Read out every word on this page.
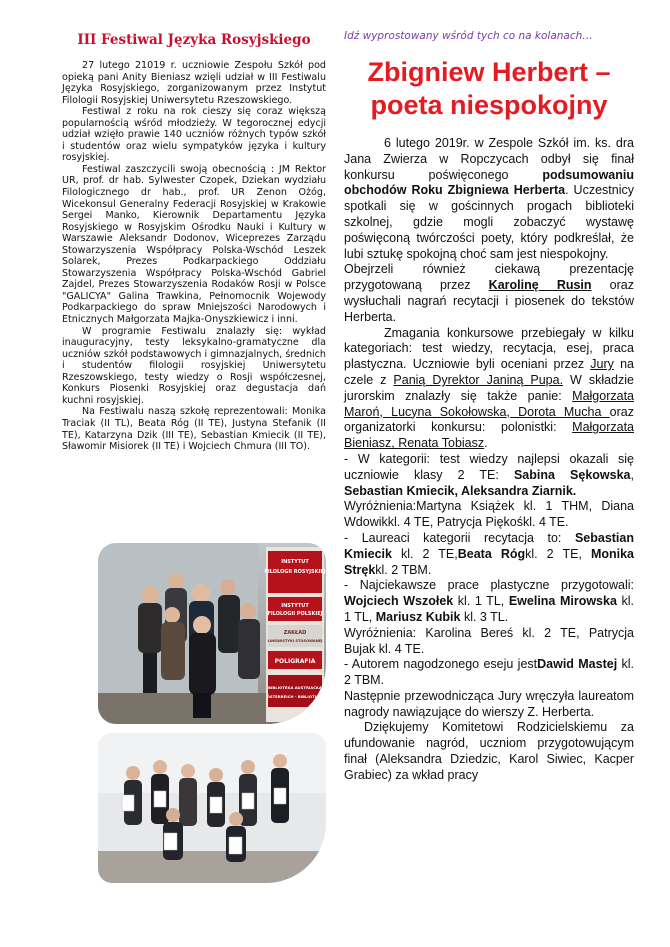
III Festiwal Języka Rosyjskiego

27 lutego 21019 r. uczniowie Zespołu Szkół pod opieką pani Anity Bieniasz wzięli udział w III Festiwalu Języka Rosyjskiego, zorganizowanym przez Instytut Filologii Rosyjskiej Uniwersytetu Rzeszowskiego.

Festiwal z roku na rok cieszy się coraz większą popularnością wśród młodzieży. W tegorocznej edycji udział wzięło prawie 140 uczniów różnych typów szkół i studentów oraz wielu sympatyków języka i kultury rosyjskiej.

Festiwal zaszczycili swoją obecnością : JM Rektor UR, prof. dr hab. Sylwester Czopek, Dziekan wydziału Filologicznego dr hab., prof. UR Zenon Ożóg, Wicekonsul Generalny Federacji Rosyjskiej w Krakowie Sergei Manko, Kierownik Departamentu Języka Rosyjskiego w Rosyjskim Ośrodku Nauki i Kultury w Warszawie Aleksandr Dodonov, Wiceprezes Zarządu Stowarzyszenia Współpracy Polska-Wschód Leszek Solarek, Prezes Podkarpackiego Oddziału Stowarzyszenia Współpracy Polska-Wschód Gabriel Zajdel, Prezes Stowarzyszenia Rodaków Rosji w Polsce "GALICYA" Galina Trawkina, Pełnomocnik Wojewody Podkarpackiego do spraw Mniejszości Narodowych i Etnicznych Małgorzata Majka-Onyszkiewicz i inni.

W programie Festiwalu znalazły się: wykład inauguracyjny, testy leksykalno-gramatyczne dla uczniów szkół podstawowych i gimnazjalnych, średnich i studentów filologii rosyjskiej Uniwersytetu Rzeszowskiego, testy wiedzy o Rosji współczesnej, Konkurs Piosenki Rosyjskiej oraz degustacja dań kuchni rosyjskiej.

Na Festiwalu naszą szkołę reprezentowali: Monika Traciak (II TL), Beata Róg (II TE), Justyna Stefanik (II TE), Katarzyna Dzik (III TE), Sebastian Kmiecik (II TE), Sławomir Misiorek (II TE) i Wojciech Chmura (III TO).

INSTYTUT
FILOLOGII ROSYJSKIEJ
INSTYTUT
FILOLOGII POLSKIEJ
ZAKŁAD
LINGWISTYKI STOSOWANEJ
POLIGRAFIA
BIBLIOTEKA AUSTRIACKA
ÖSTERREICH - BIBLIOTHEK

Idź wyprostowany wśród tych co na kolanach…

Zbigniew Herbert – poeta niespokojny

6 lutego 2019r. w Zespole Szkół im. ks. dra Jana Zwierza w Ropczycach odbył się finał konkursu poświęconego podsumowaniu obchodów Roku Zbigniewa Herberta. Uczestnicy spotkali się w gościnnych progach biblioteki szkolnej, gdzie mogli zobaczyć wystawę poświęconą twórczości poety, który podkreślał, że lubi sztukę spokojną choć sam jest niespokojny.

Obejrzeli również ciekawą prezentację przygotowaną przez Karolinę Rusin oraz wysłuchali nagrań recytacji i piosenek do tekstów Herberta.

Zmagania konkursowe przebiegały w kilku kategoriach: test wiedzy, recytacja, esej, praca plastyczna. Uczniowie byli oceniani przez Jury na czele z Panią Dyrektor Janiną Pupa. W składzie jurorskim znalazły się także panie: Małgorzata Maroń, Lucyna Sokołowska, Dorota Mucha oraz organizatorki konkursu: polonistki: Małgorzata Bieniasz, Renata Tobiasz.

- W kategorii: test wiedzy najlepsi okazali się uczniowie klasy 2 TE: Sabina Sękowska, Sebastian Kmiecik, Aleksandra Ziarnik.

Wyróżnienia:Martyna Książek kl. 1 THM, Diana Wdowikkl. 4 TE, Patrycja Piękośkl. 4 TE.

- Laureaci kategorii recytacja to: Sebastian Kmiecik kl. 2 TE,Beata Rógkl. 2 TE, Monika Strękkl. 2 TBM.

- Najciekawsze prace plastyczne przygotowali: Wojciech Wszołek kl. 1 TL, Ewelina Mirowska kl. 1 TL, Mariusz Kubik kl. 3 TL.

Wyróżnienia: Karolina Bereś kl. 2 TE, Patrycja Bujak kl. 4 TE.

- Autorem nagodzonego eseju jestDawid Mastej kl. 2 TBM.

Następnie przewodnicząca Jury wręczyła laureatom nagrody nawiązujące do wierszy Z. Herberta.

Dziękujemy Komitetowi Rodzicielskiemu za ufundowanie nagród, uczniom przygotowującym finał (Aleksandra Dziedzic, Karol Siwiec, Kacper Grabiec) za wkład pracy
